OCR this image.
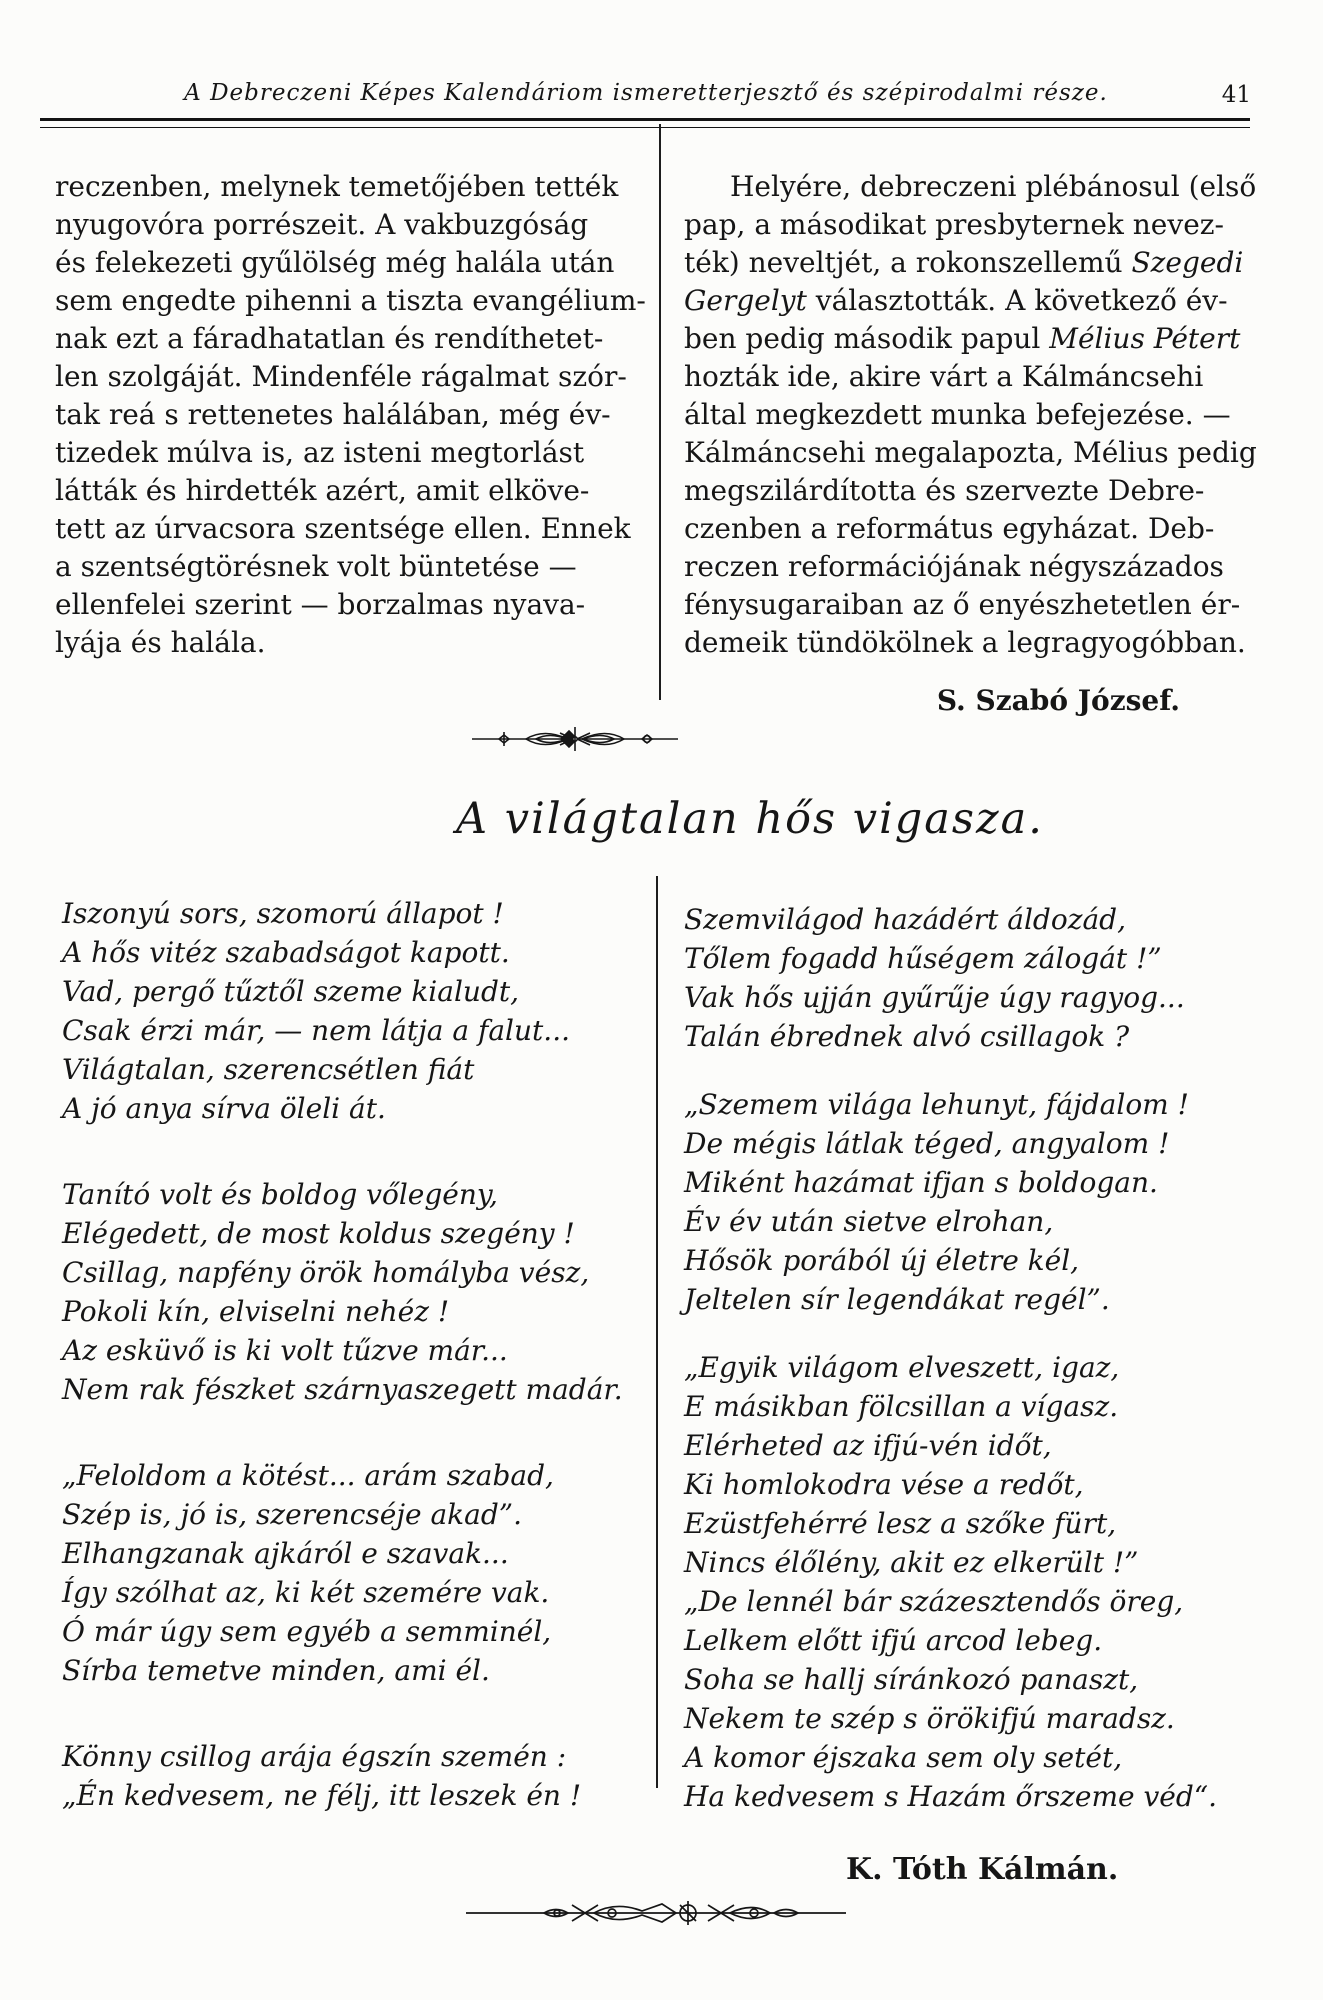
A Debreczeni Képes Kalendáriom ismeretterjesztő és szépirodalmi része.	41
reczenben, melynek temetőjében tették
nyugovóra porrészeit. A vakbuzgóság
és felekezeti gyűlölség még halála után
sem engedte pihenni a tiszta evangélium-
nak ezt a fáradhatatlan és rendíthetet-
len szolgáját. Mindenféle rágalmat szór-
tak reá s rettenetes halálában, még év-
tizedek múlva is, az isteni megtorlást
látták és hirdették azért, amit elköve-
tett az úrvacsora szentsége ellen. Ennek
a szentségtörésnek volt büntetése —
ellenfelei szerint — borzalmas nyava-
lyája és halála.
Helyére, debreczeni plébánosul (első
pap, a másodikat presbyternek nevez-
ték) neveltjét, a rokonszellemű Szegedi
Gergelyt választották. A következő év-
ben pedig második papul Mélius Pétert
hozták ide, akire várt a Kálmáncsehi
által megkezdett munka befejezése. —
Kálmáncsehi megalapozta, Mélius pedig
megszilárdította és szervezte Debre-
czenben a református egyházat. Deb-
reczen reformációjának négyszázados
fénysugaraiban az ő enyészhetetlen ér-
demeik tündökölnek a legragyogóbban.
S. Szabó József.
A világtalan hős vigasza.
Iszonyú sors, szomorú állapot !
A hős vitéz szabadságot kapott.
Vad, pergő tűztől szeme kialudt,
Csak érzi már, — nem látja a falut...
Világtalan, szerencsétlen fiát
A jó anya sírva öleli át.
Tanító volt és boldog vőlegény,
Elégedett, de most koldus szegény !
Csillag, napfény örök homályba vész,
Pokoli kín, elviselni nehéz !
Az esküvő is ki volt tűzve már...
Nem rak fészket szárnyaszegett madár.
„Feloldom a kötést... arám szabad,
Szép is, jó is, szerencséje akad”.
Elhangzanak ajkáról e szavak...
Így szólhat az, ki két szemére vak.
Ó már úgy sem egyéb a semminél,
Sírba temetve minden, ami él.
Könny csillog arája égszín szemén :
„Én kedvesem, ne félj, itt leszek én !
Szemvilágod hazádért áldozád,
Tőlem fogadd hűségem zálogát !”
Vak hős ujján gyűrűje úgy ragyog...
Talán ébrednek alvó csillagok ?
„Szemem világa lehunyt, fájdalom !
De mégis látlak téged, angyalom !
Miként hazámat ifjan s boldogan.
Év év után sietve elrohan,
Hősök porából új életre kél,
Jeltelen sír legendákat regél”.
„Egyik világom elveszett, igaz,
E másikban fölcsillan a vígasz.
Elérheted az ifjú-vén időt,
Ki homlokodra vése a redőt,
Ezüstfehérré lesz a szőke fürt,
Nincs élőlény, akit ez elkerült !”
„De lennél bár százesztendős öreg,
Lelkem előtt ifjú arcod lebeg.
Soha se hallj síránkozó panaszt,
Nekem te szép s örökifjú maradsz.
A komor éjszaka sem oly setét,
Ha kedvesem s Hazám őrszeme véd“.
K. Tóth Kálmán.
